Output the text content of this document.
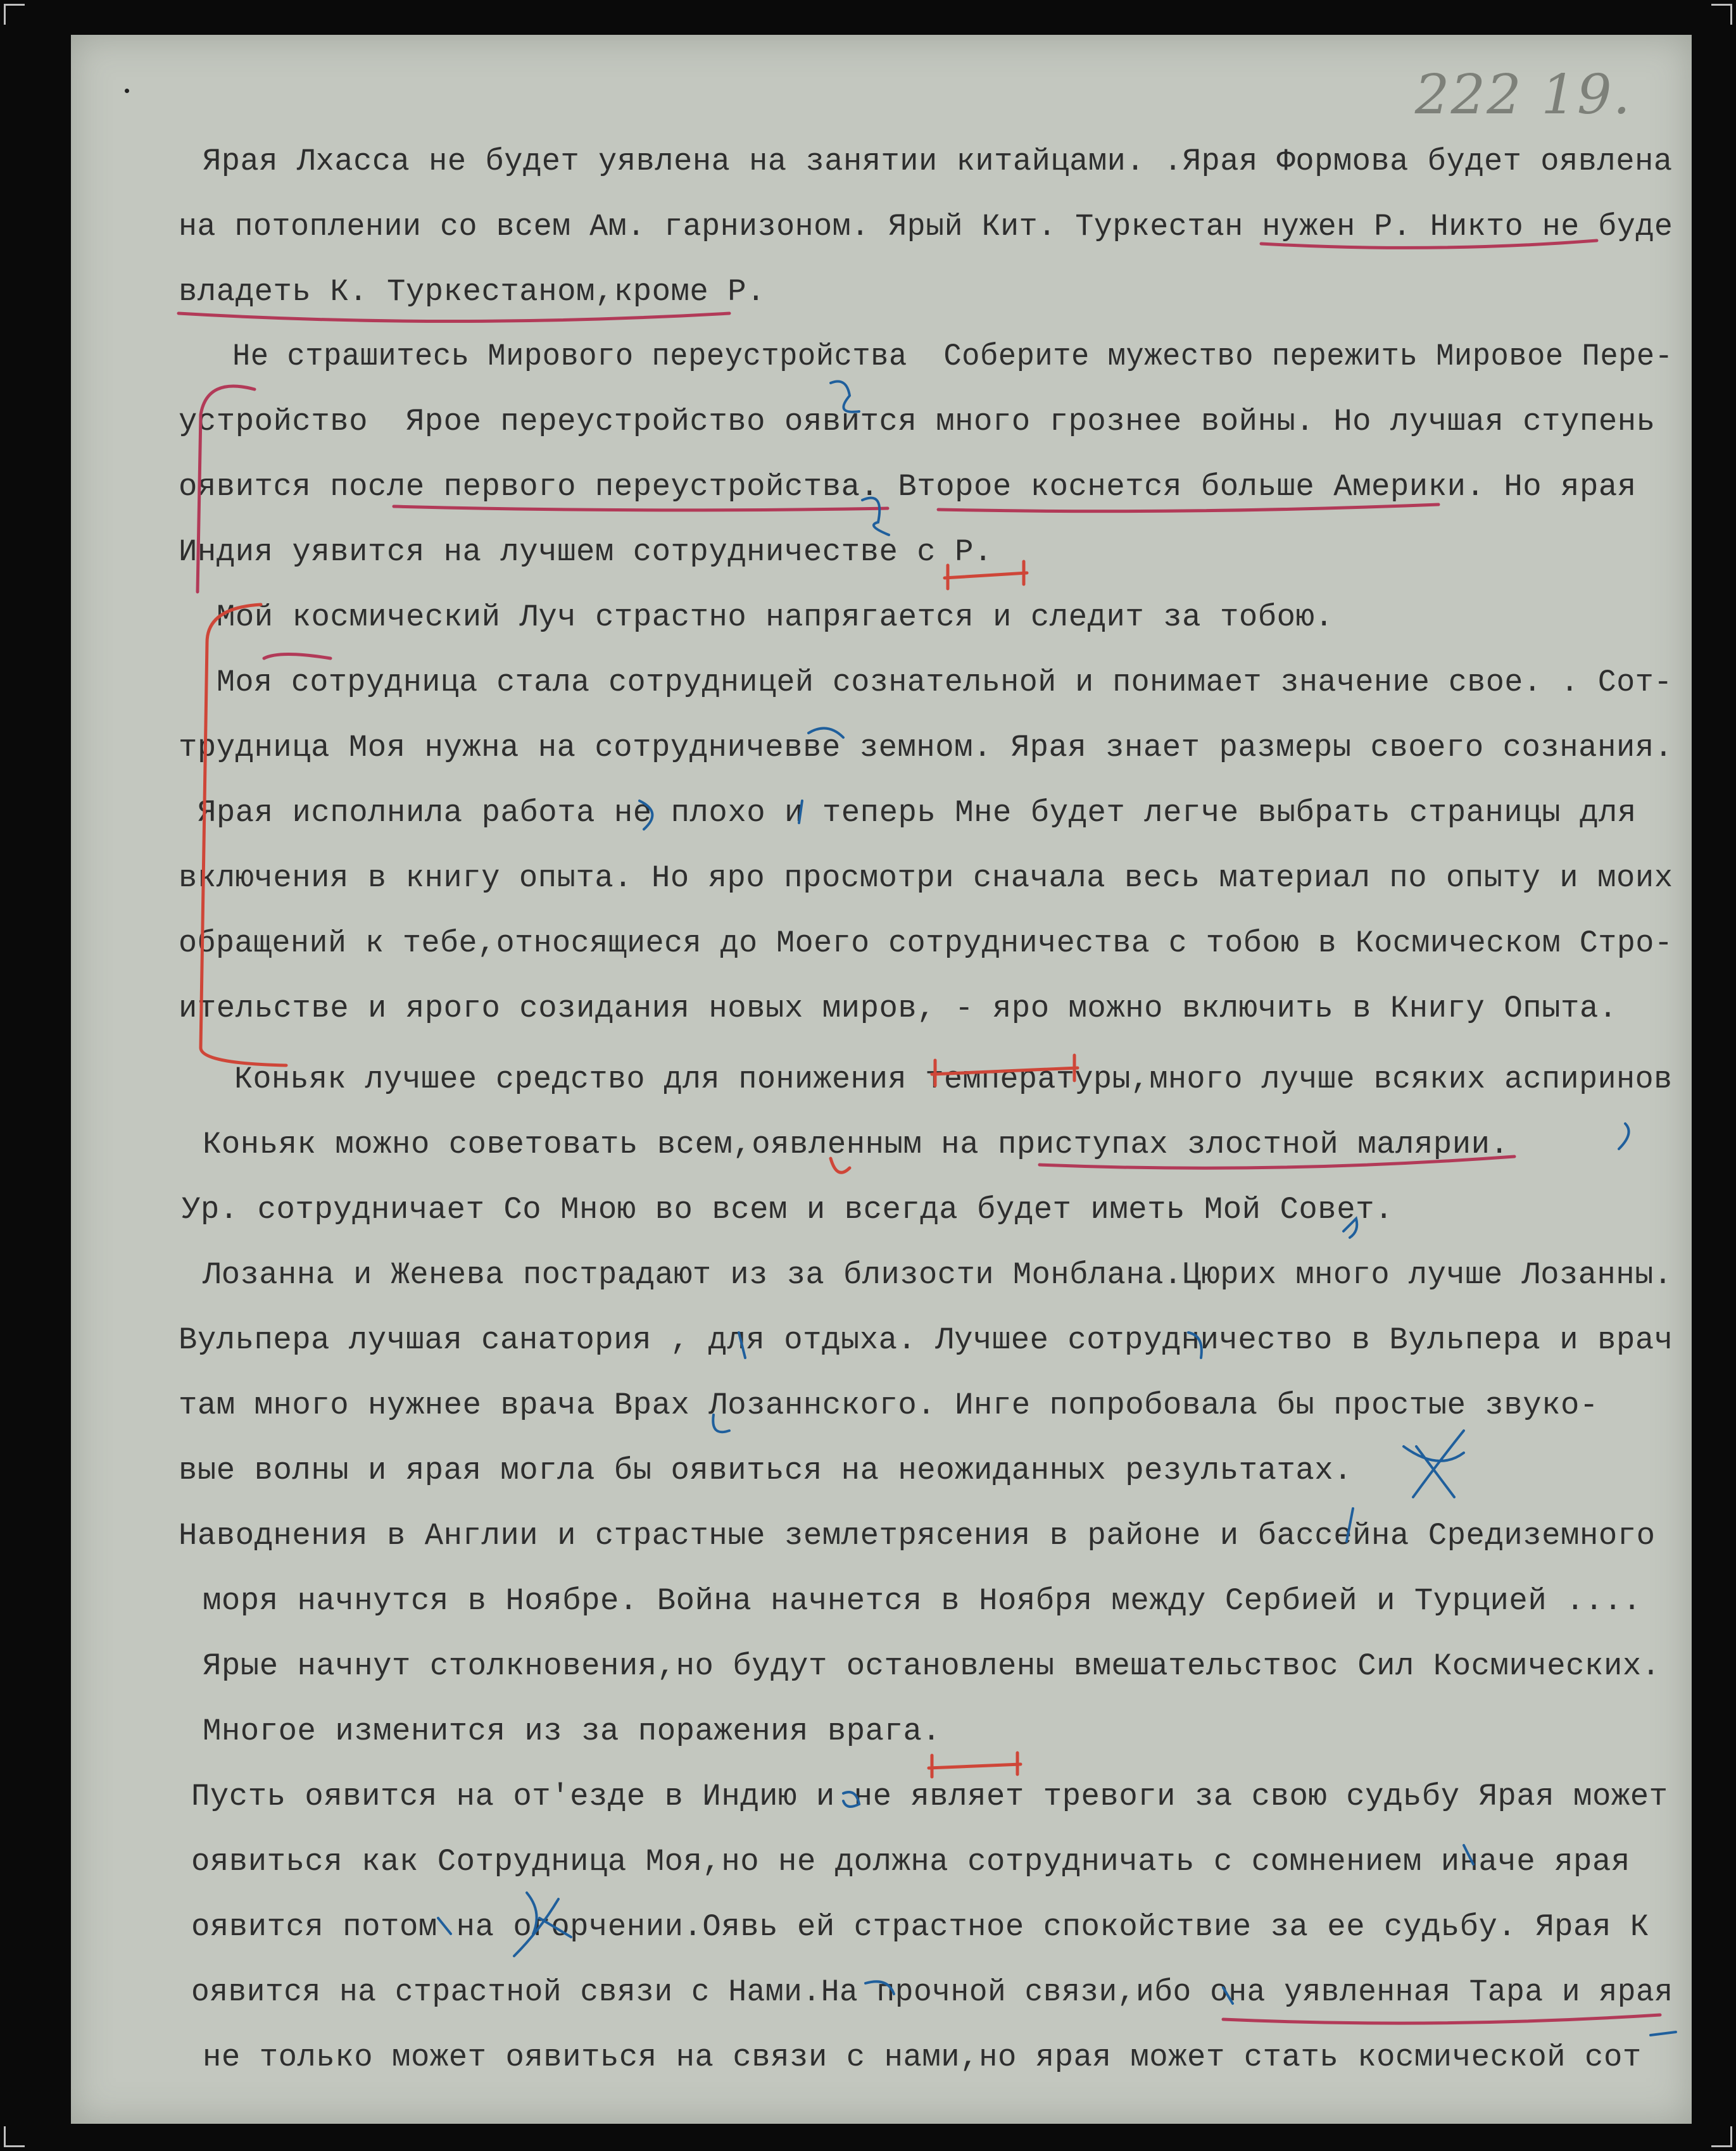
222 19.
Ярая Лхасса не будет уявлена на занятии китайцами. .Ярая Формова будет оявлена
на потоплении со всем Ам. гарнизоном. Ярый Кит. Туркестан нужен Р. Никто не буде
владеть К. Туркестаном,кроме Р.
Не страшитесь Мирового переустройства  Соберите мужество пережить Мировое Пере-
устройство  Ярое переустройство оявится много грознее войны. Но лучшая ступень
оявится после первого переустройства. Второе коснется больше Америки. Но ярая
Индия уявится на лучшем сотрудничестве с Р.
Мой космический Луч страстно напрягается и следит за тобою.
Моя сотрудница стала сотрудницей сознательной и понимает значение свое. . Сот-
трудница Моя нужна на сотрудничевве земном. Ярая знает размеры своего сознания.
Ярая исполнила работа не плохо и теперь Мне будет легче выбрать страницы для
включения в книгу опыта. Но яро просмотри сначала весь материал по опыту и моих
обращений к тебе,относящиеся до Моего сотрудничества с тобою в Космическом Стро-
ительстве и ярого созидания новых миров, - яро можно включить в Книгу Опыта.
Коньяк лучшее средство для понижения температуры,много лучше всяких аспиринов
Коньяк можно советовать всем,оявленным на приступах злостной малярии.
Ур. сотрудничает Со Мною во всем и всегда будет иметь Мой Совет.
Лозанна и Женева пострадают из за близости Монблана.Цюрих много лучше Лозанны.
Вульпера лучшая санатория , для отдыха. Лучшее сотрудничество в Вульпера и врач
там много нужнее врача Врах Лозаннского. Инге попробовала бы простые звуко-
вые волны и ярая могла бы оявиться на неожиданных результатах.
Наводнения в Англии и страстные землетрясения в районе и бассейна Средиземного
моря начнутся в Ноябре. Война начнется в Ноября между Сербией и Турцией ....
Ярые начнут столкновения,но будут остановлены вмешательствос Сил Космических.
Многое изменится из за поражения врага.
Пусть оявится на от'езде в Индию и не являет тревоги за свою судьбу Ярая может
оявиться как Сотрудница Моя,но не должна сотрудничать с сомнением иначе ярая
оявится потом на огорчении.Оявь ей страстное спокойствие за ее судьбу. Ярая К
оявится на страстной связи с Нами.На прочной связи,ибо она уявленная Тара и ярая
не только может оявиться на связи с нами,но ярая может стать космической сот
